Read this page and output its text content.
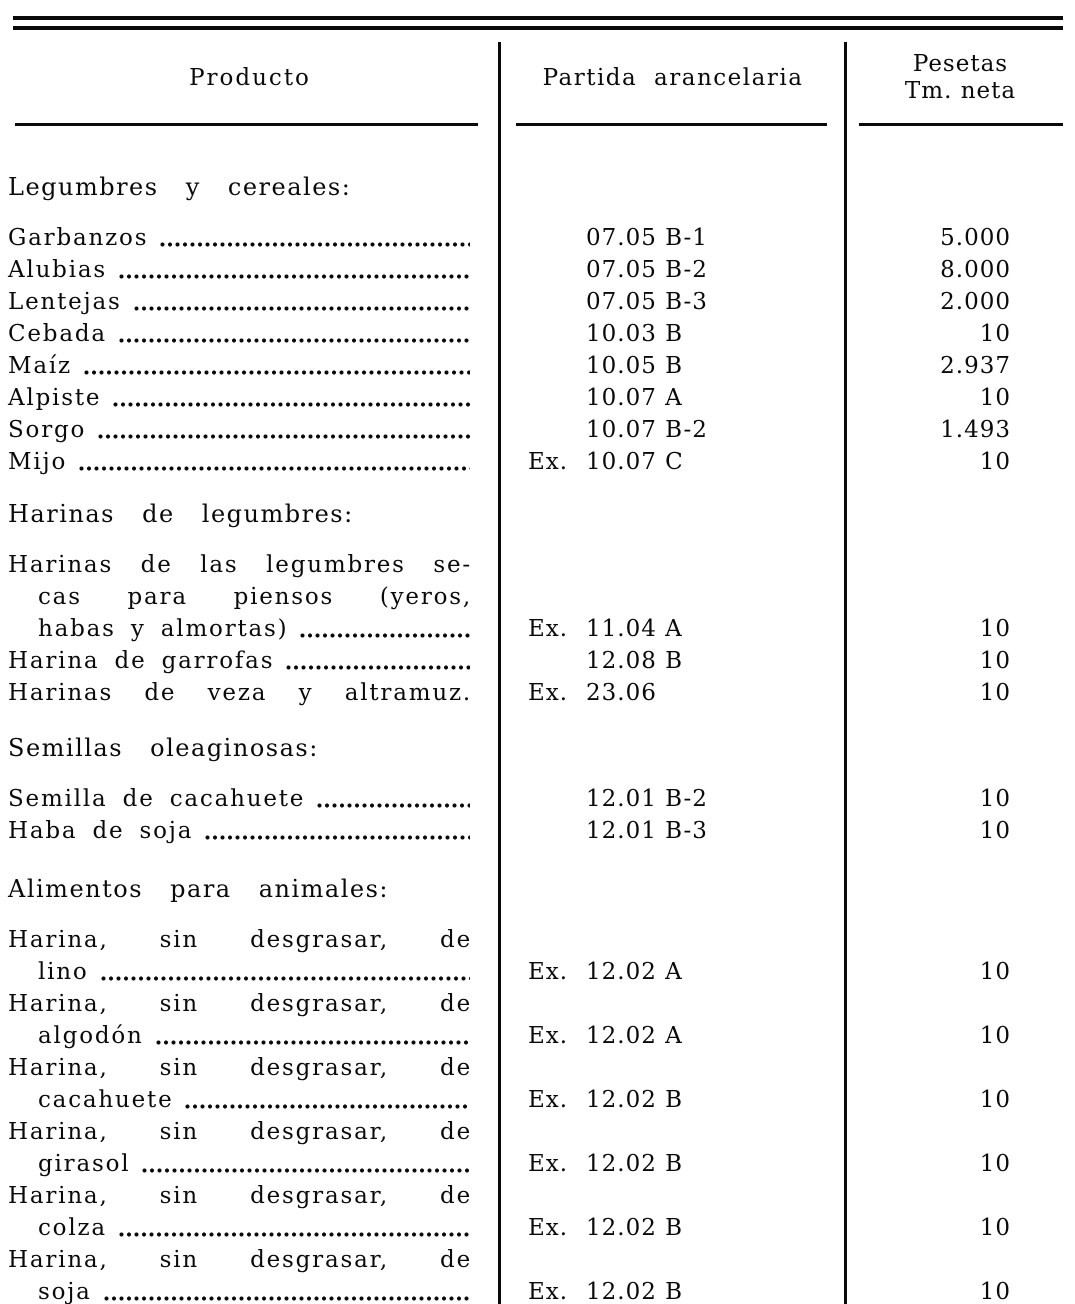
Producto	Partida arancelaria
Pesetas
Tm. neta
Legumbres y cereales:
Garbanzos	07.05 B-1	5.000
Alubias	07.05 B-2	8.000
Lentejas	07.05 B-3	2.000
Cebada	10.03 B	10
Maíz	10.05 B	2.937
Alpiste	10.07 A	10
Sorgo	10.07 B-2	1.493
Mijo	Ex. 10.07 C	10
Harinas de legumbres:
Harinas de las legumbres se-
cas para piensos (yeros,
habas y almortas)	Ex. 11.04 A	10
Harina de garrofas	12.08 B	10
Harinas de veza y altramuz.	Ex. 23.06	10
Semillas oleaginosas:
Semilla de cacahuete	12.01 B-2	10
Haba de soja	12.01 B-3	10
Alimentos para animales:
Harina, sin desgrasar, de
lino	Ex. 12.02 A	10
Harina, sin desgrasar, de
algodón	Ex. 12.02 A	10
Harina, sin desgrasar, de
cacahuete	Ex. 12.02 B	10
Harina, sin desgrasar, de
girasol	Ex. 12.02 B	10
Harina, sin desgrasar, de
colza	Ex. 12.02 B	10
Harina, sin desgrasar, de
soja	Ex. 12.02 B	10
